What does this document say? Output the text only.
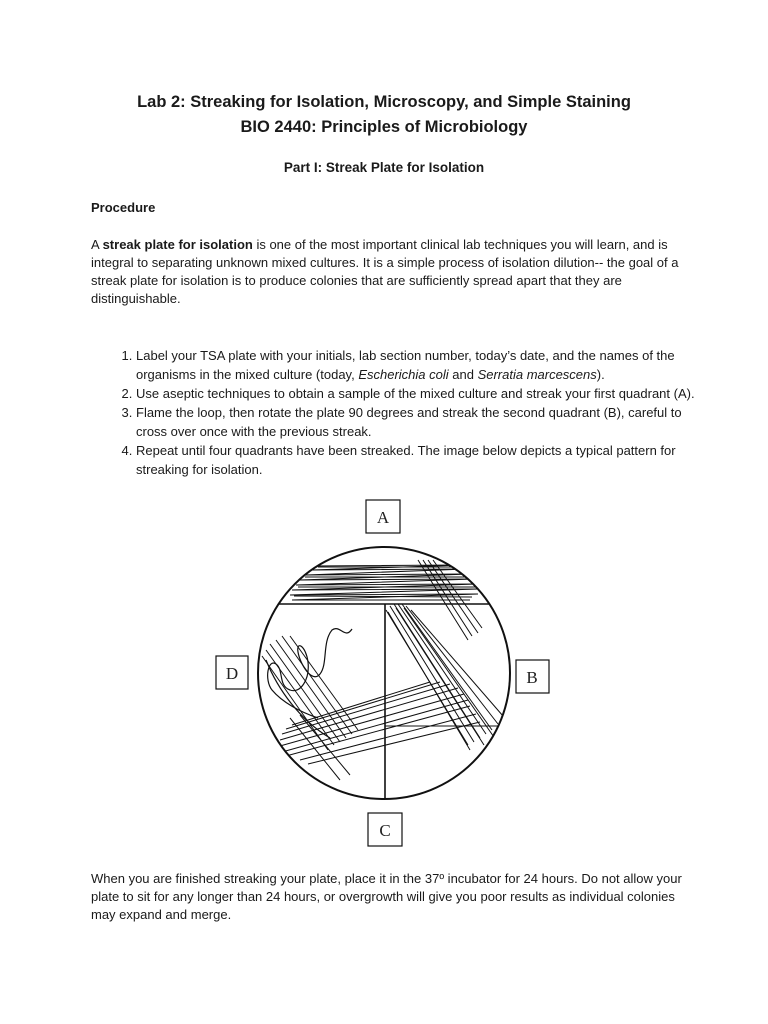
Lab 2: Streaking for Isolation, Microscopy, and Simple Staining
BIO 2440: Principles of Microbiology
Part I: Streak Plate for Isolation
Procedure

A streak plate for isolation is one of the most important clinical lab techniques you will learn, and is integral to separating unknown mixed cultures. It is a simple process of isolation dilution-- the goal of a streak plate for isolation is to produce colonies that are sufficiently spread apart that they are distinguishable.

1. Label your TSA plate with your initials, lab section number, today’s date, and the names of the organisms in the mixed culture (today, Escherichia coli and Serratia marcescens).
2. Use aseptic techniques to obtain a sample of the mixed culture and streak your first quadrant (A).
3. Flame the loop, then rotate the plate 90 degrees and streak the second quadrant (B), careful to cross over once with the previous streak.
4. Repeat until four quadrants have been streaked. The image below depicts a typical pattern for streaking for isolation.
A
B
C
D

When you are finished streaking your plate, place it in the 37º incubator for 24 hours. Do not allow your plate to sit for any longer than 24 hours, or overgrowth will give you poor results as individual colonies may expand and merge.
